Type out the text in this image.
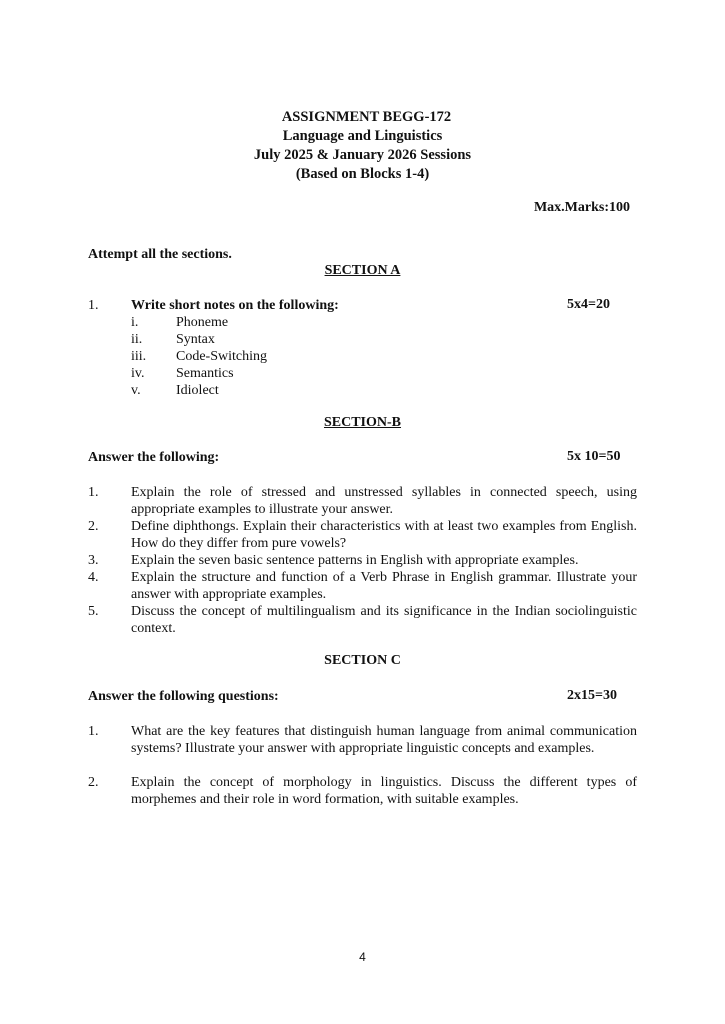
ASSIGNMENT BEGG-172
Language and Linguistics
July 2025 & January 2026 Sessions
(Based on Blocks 1-4)
Max.Marks:100
Attempt all the sections.
SECTION A
1. Write short notes on the following:	5x4=20
i.	Phoneme
ii. Syntax
iii. Code-Switching
iv. Semantics
v.	Idiolect
SECTION-B
Answer the following:	5x 10=50
1. Explain the role of stressed and unstressed syllables in connected speech, using appropriate examples to illustrate your answer.
2. Define diphthongs. Explain their characteristics with at least two examples from English. How do they differ from pure vowels?
3. Explain the seven basic sentence patterns in English with appropriate examples.
4. Explain the structure and function of a Verb Phrase in English grammar. Illustrate your answer with appropriate examples.
5. Discuss the concept of multilingualism and its significance in the Indian sociolinguistic context.
SECTION C
Answer the following questions:	2x15=30
1. What are the key features that distinguish human language from animal communication systems? Illustrate your answer with appropriate linguistic concepts and examples.
2. Explain the concept of morphology in linguistics. Discuss the different types of morphemes and their role in word formation, with suitable examples.
4
